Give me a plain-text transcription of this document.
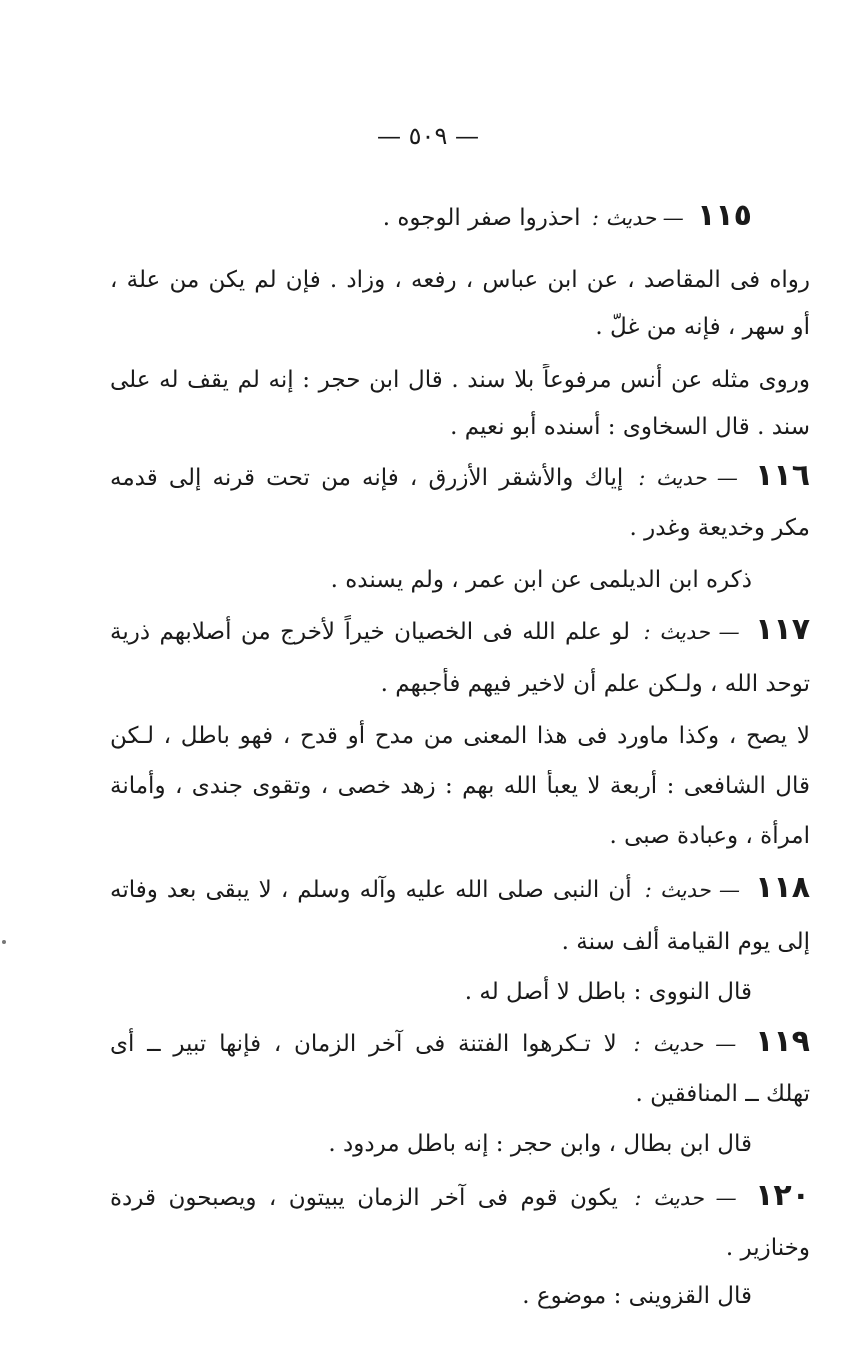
— ٥٠٩ —
١١٥ — حديث : احذروا صفر الوجوه .
رواه فى المقاصد ، عن ابن عباس ، رفعه ، وزاد . فإن لم يكن من علة ،
أو سهر ، فإنه من غلّ .
وروى مثله عن أنس مرفوعاً بلا سند . قال ابن حجر : إنه لم يقف له على
سند . قال السخاوى : أسنده أبو نعيم .
١١٦ — حديث : إياك والأشقر الأزرق ، فإنه من تحت قرنه إلى قدمه
مكر وخديعة وغدر .
ذكره ابن الديلمى عن ابن عمر ، ولم يسنده .
١١٧ — حديث : لو علم الله فى الخصيان خيراً لأخرج من أصلابهم ذرية
توحد الله ، ولـكن علم أن لاخير فيهم فأجبهم .
لا يصح ، وكذا ماورد فى هذا المعنى من مدح أو قدح ، فهو باطل ، لـكن
قال الشافعى : أربعة لا يعبأ الله بهم : زهد خصى ، وتقوى جندى ، وأمانة
امرأة ، وعبادة صبى .
١١٨ — حديث : أن النبى صلى الله عليه وآله وسلم ، لا يبقى بعد وفاته
إلى يوم القيامة ألف سنة .
قال النووى : باطل لا أصل له .
١١٩ — حديث : لا تـكرهوا الفتنة فى آخر الزمان ، فإنها تبير ــ أى
تهلك ــ المنافقين .
قال ابن بطال ، وابن حجر : إنه باطل مردود .
١٢٠ — حديث : يكون قوم فى آخر الزمان يبيتون ، ويصبحون قردة
وخنازير .
قال القزوينى : موضوع .
